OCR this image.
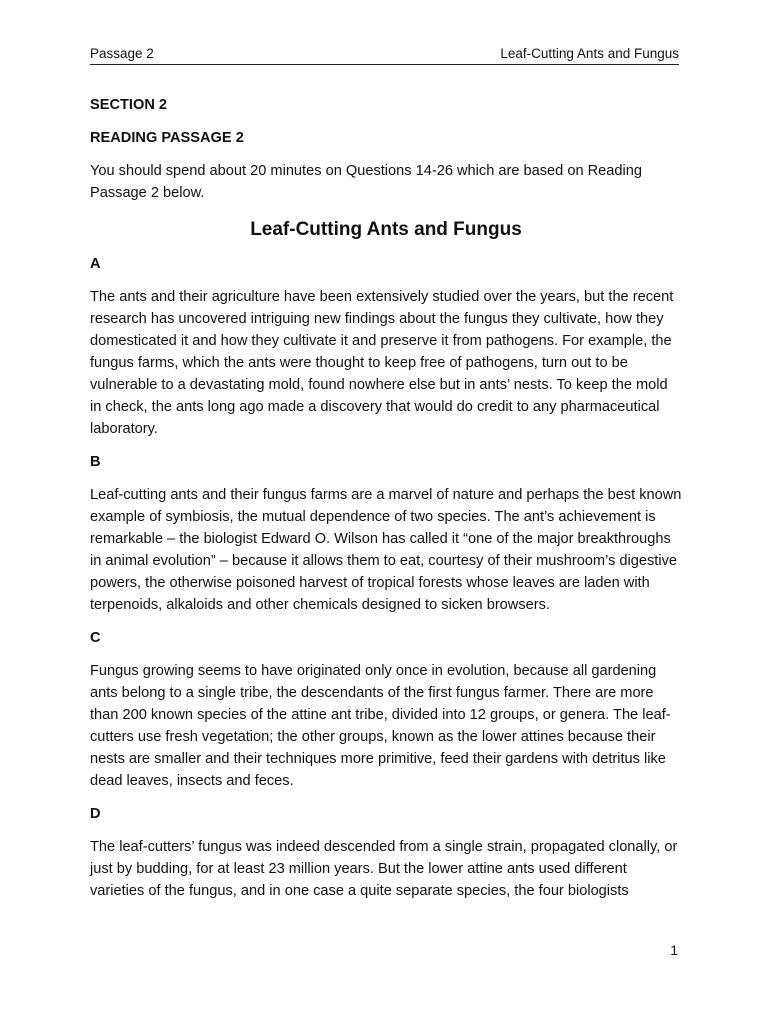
Passage 2	Leaf-Cutting Ants and Fungus

SECTION 2

READING PASSAGE 2

You should spend about 20 minutes on Questions 14-26 which are based on Reading Passage 2 below.

Leaf-Cutting Ants and Fungus

A

The ants and their agriculture have been extensively studied over the years, but the recent research has uncovered intriguing new findings about the fungus they cultivate, how they domesticated it and how they cultivate it and preserve it from pathogens. For example, the fungus farms, which the ants were thought to keep free of pathogens, turn out to be vulnerable to a devastating mold, found nowhere else but in ants’ nests. To keep the mold in check, the ants long ago made a discovery that would do credit to any pharmaceutical laboratory.

B

Leaf-cutting ants and their fungus farms are a marvel of nature and perhaps the best known example of symbiosis, the mutual dependence of two species. The ant’s achievement is remarkable – the biologist Edward O. Wilson has called it “one of the major breakthroughs in animal evolution” – because it allows them to eat, courtesy of their mushroom’s digestive powers, the otherwise poisoned harvest of tropical forests whose leaves are laden with terpenoids, alkaloids and other chemicals designed to sicken browsers.

C

Fungus growing seems to have originated only once in evolution, because all gardening ants belong to a single tribe, the descendants of the first fungus farmer. There are more than 200 known species of the attine ant tribe, divided into 12 groups, or genera. The leaf-cutters use fresh vegetation; the other groups, known as the lower attines because their nests are smaller and their techniques more primitive, feed their gardens with detritus like dead leaves, insects and feces.

D

The leaf-cutters’ fungus was indeed descended from a single strain, propagated clonally, or just by budding, for at least 23 million years. But the lower attine ants used different varieties of the fungus, and in one case a quite separate species, the four biologists

1
